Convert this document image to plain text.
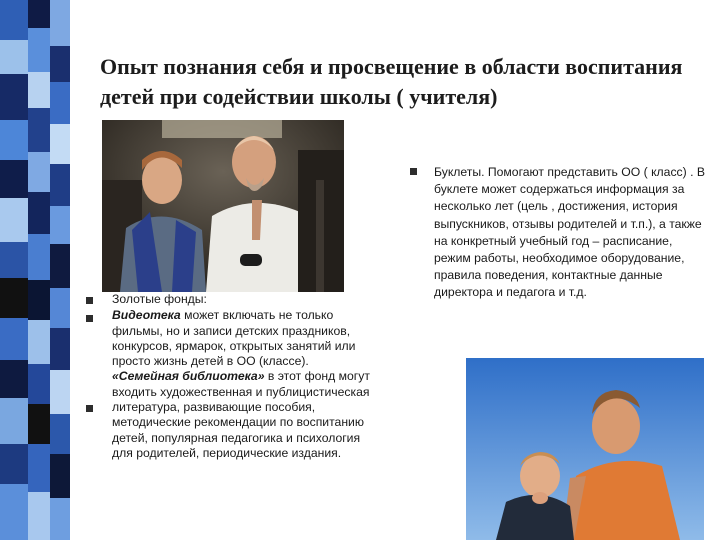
Опыт познания себя и просвещение в области воспитания детей при содействии школы ( учителя)

Золотые фонды:

Видеотека может включать не только фильмы, но и записи детских праздников, конкурсов, ярмарок, открытых занятий или просто жизнь детей в ОО (классе).

«Семейная библиотека» в этот фонд могут входить художественная и публицистическая литература, развивающие пособия, методические рекомендации по воспитанию детей, популярная педагогика и психология для родителей, периодические издания.

Буклеты. Помогают представить ОО ( класс) . В буклете может содержаться информация за несколько лет (цель , достижения, история выпускников, отзывы родителей и т.п.), а также на конкретный учебный год – расписание, режим работы, необходимое оборудование, правила поведения, контактные данные директора и педагога и т.д.
